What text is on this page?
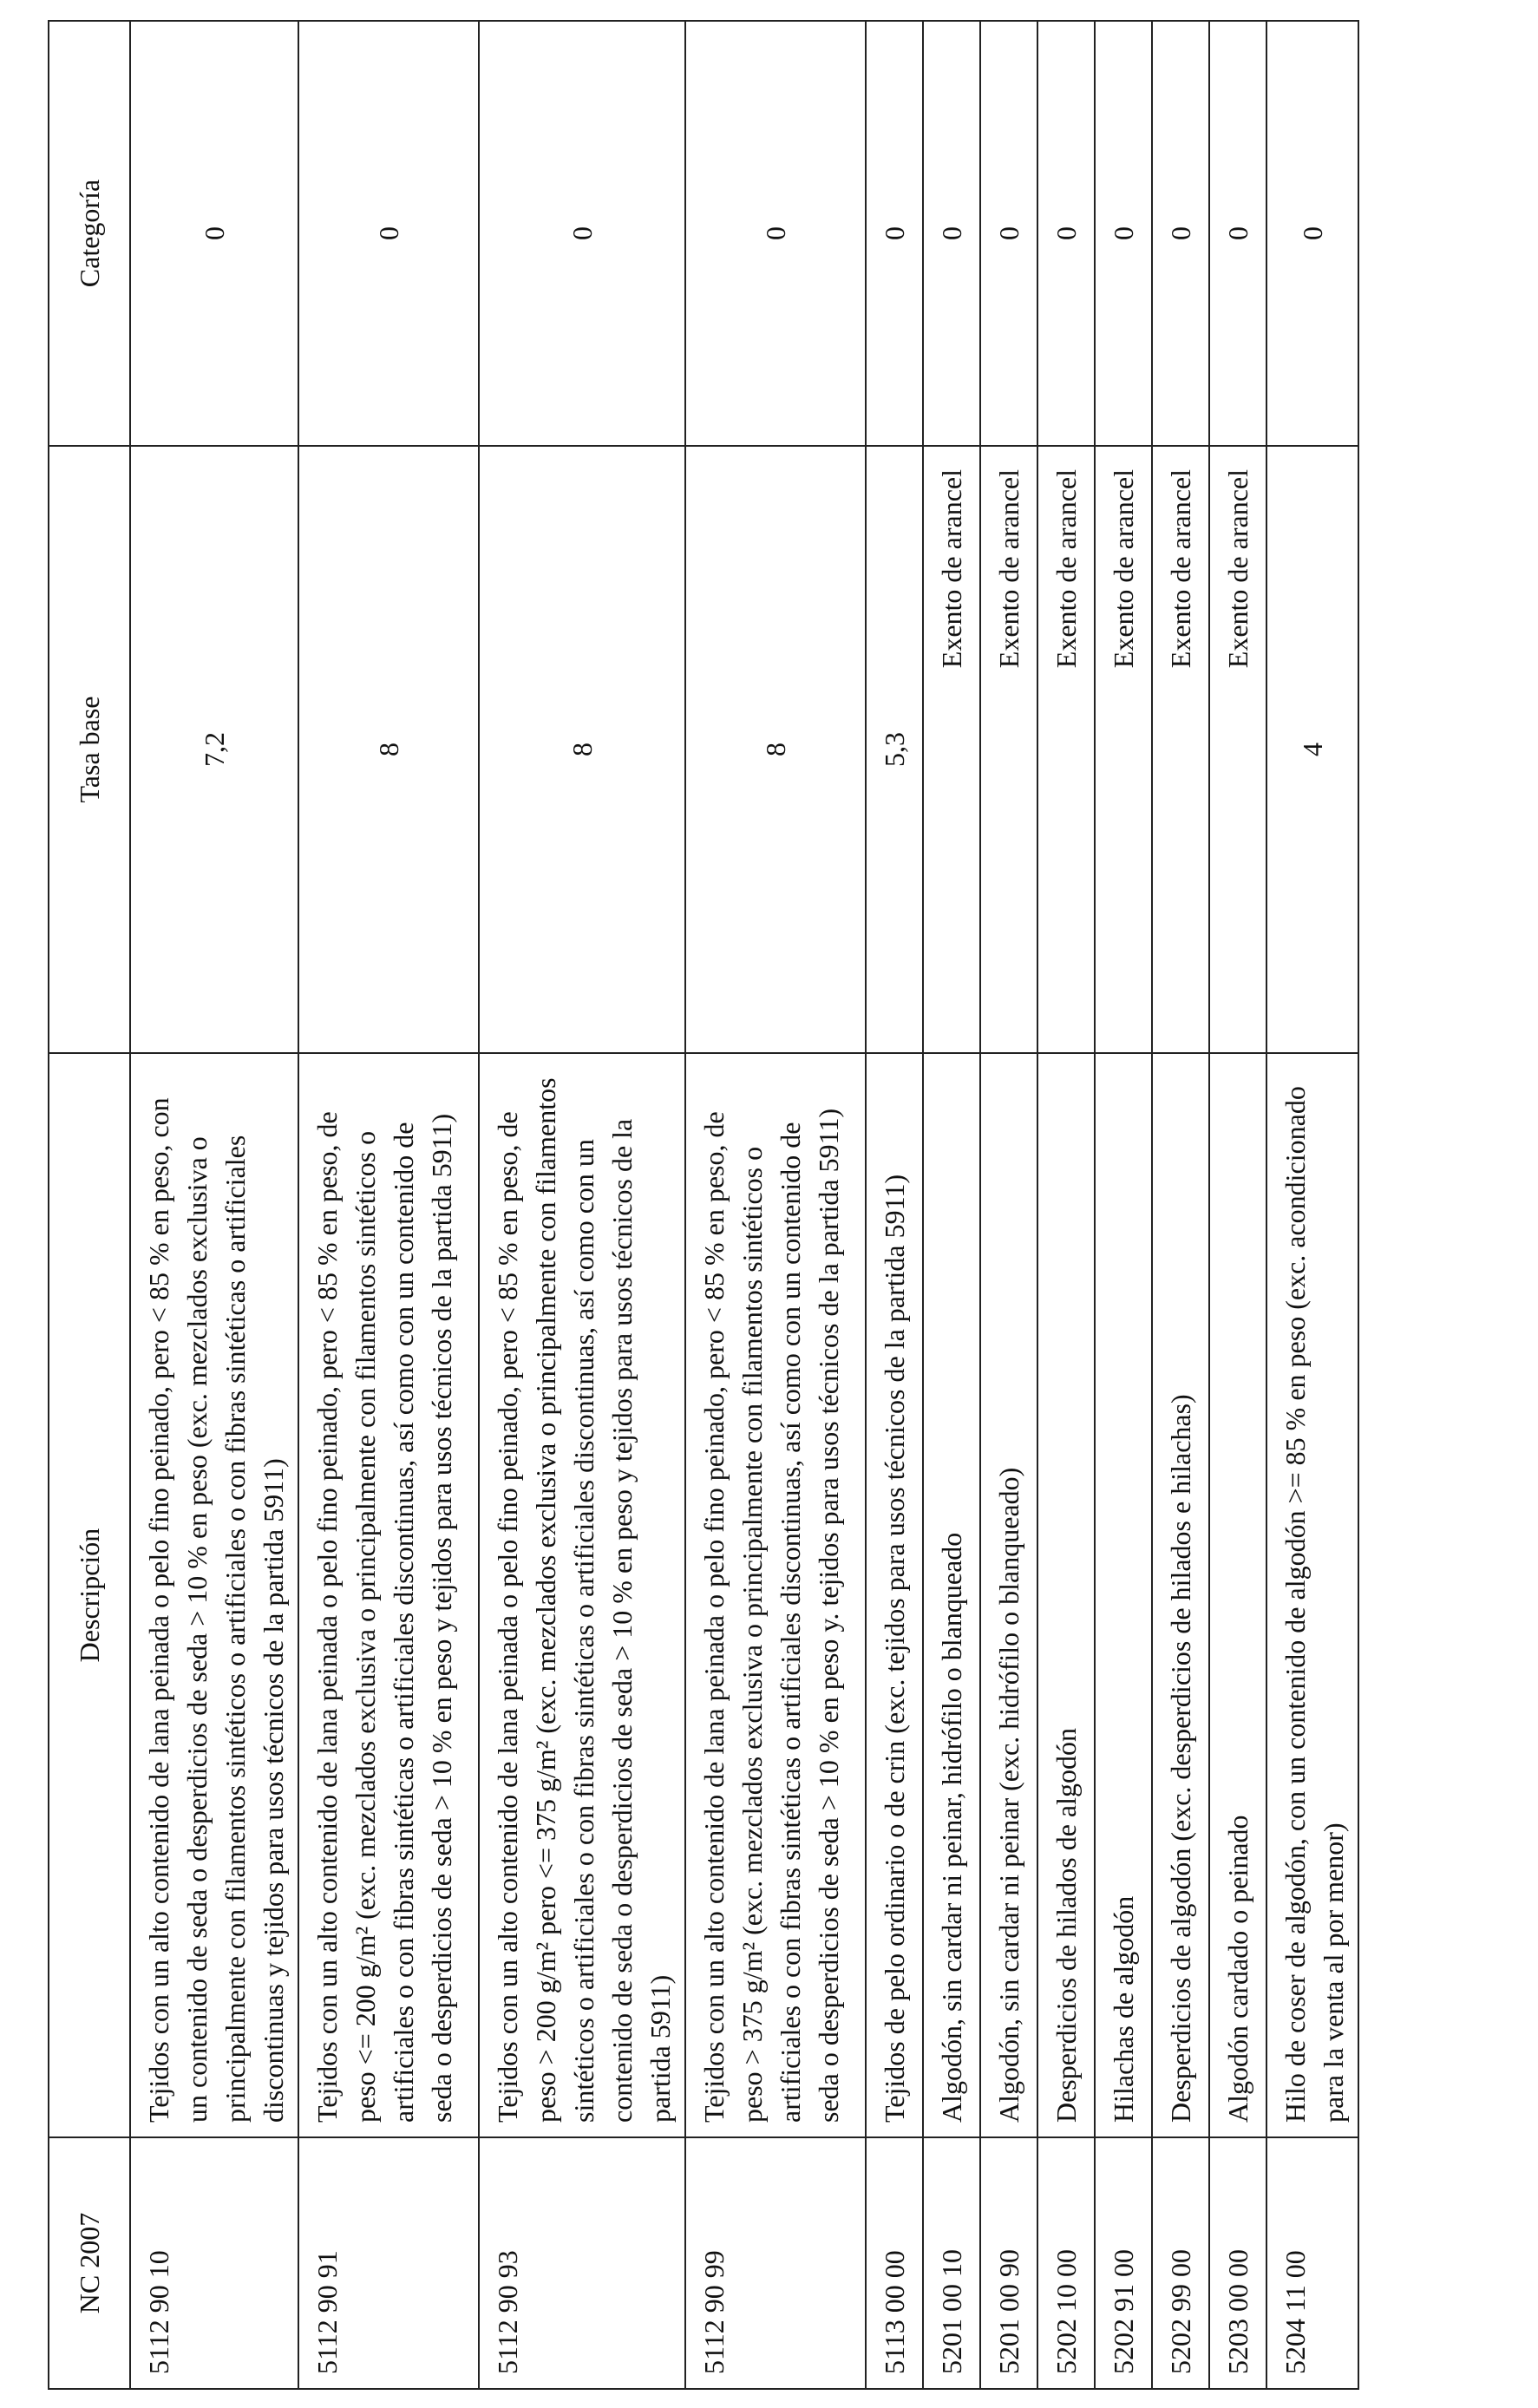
NC 2007	Descripción	Tasa base	Categoría
5112 90 10	Tejidos con un alto contenido de lana peinada o pelo fino peinado, pero < 85 % en peso, con un contenido de seda o desperdicios de seda > 10 % en peso (exc. mezclados exclusiva o principalmente con filamentos sintéticos o artificiales o con fibras sintéticas o artificiales discontinuas y tejidos para usos técnicos de la partida 5911)	7,2	0
5112 90 91	Tejidos con un alto contenido de lana peinada o pelo fino peinado, pero < 85 % en peso, de peso <= 200 g/m² (exc. mezclados exclusiva o principalmente con filamentos sintéticos o artificiales o con fibras sintéticas o artificiales discontinuas, así como con un contenido de seda o desperdicios de seda > 10 % en peso y tejidos para usos técnicos de la partida 5911)	8	0
5112 90 93	Tejidos con un alto contenido de lana peinada o pelo fino peinado, pero < 85 % en peso, de peso > 200 g/m² pero <= 375 g/m² (exc. mezclados exclusiva o principalmente con filamentos sintéticos o artificiales o con fibras sintéticas o artificiales discontinuas, así como con un contenido de seda o desperdicios de seda > 10 % en peso y tejidos para usos técnicos de la partida 5911)	8	0
5112 90 99	Tejidos con un alto contenido de lana peinada o pelo fino peinado, pero < 85 % en peso, de peso > 375 g/m² (exc. mezclados exclusiva o principalmente con filamentos sintéticos o artificiales o con fibras sintéticas o artificiales discontinuas, así como con un contenido de seda o desperdicios de seda > 10 % en peso y. tejidos para usos técnicos de la partida 5911)	8	0
5113 00 00	Tejidos de pelo ordinario o de crin (exc. tejidos para usos técnicos de la partida 5911)	5,3	0
5201 00 10	Algodón, sin cardar ni peinar, hidrófilo o blanqueado	Exento de arancel	0
5201 00 90	Algodón, sin cardar ni peinar (exc. hidrófilo o blanqueado)	Exento de arancel	0
5202 10 00	Desperdicios de hilados de algodón	Exento de arancel	0
5202 91 00	Hilachas de algodón	Exento de arancel	0
5202 99 00	Desperdicios de algodón (exc. desperdicios de hilados e hilachas)	Exento de arancel	0
5203 00 00	Algodón cardado o peinado	Exento de arancel	0
5204 11 00	Hilo de coser de algodón, con un contenido de algodón >= 85 % en peso (exc. acondicionado para la venta al por menor)	4	0
